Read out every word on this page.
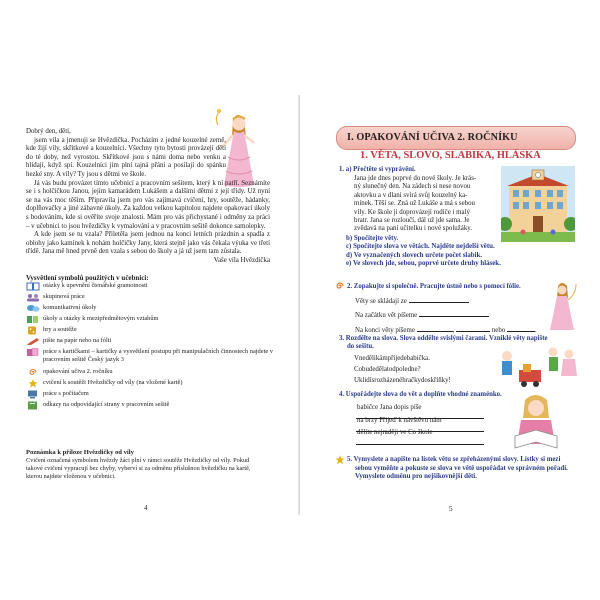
Dobrý den, děti,

jsem víla a jmenuji se Hvězdička. Pocházím z jedné kouzelné země, kde žijí víly, skřítkové a kouzelníci. Všechny tyto bytosti provázejí děti do té doby, než vyrostou. Skřítkové jsou s námi doma nebo venku a hlídají, když spí. Kouzelníci jim plní tajná přání a posílají do spánku hezké sny. A víly? Ty jsou s dětmi ve škole.

Já vás budu provázet tímto učebnicí a pracovním sešitem, který k ní patří. Seznámíte se i s holčičkou Janou, jejím kamarádem Lukášem a dalšími dětmi z její třídy. Už nyní se na vás moc těším. Připravila jsem pro vás zajímavá cvičení, hry, soutěže, hádanky, doplňovačky a jiné zábavné úkoly. Za každou velkou kapitolou najdete opakovací úkoly s bodováním, kde si ověříte svoje znalosti. Mám pro vás přichystané i odměny za práci – v učebnici to jsou hvězdičky k vymalování a v pracovním sešitě dokonce samolepky.

A kde jsem se tu vzala? Přiletěla jsem jednou na konci letních prázdnin a spadla z oblohy jako kamínek k nohám holčičky Jany, která stejně jako vás čekala výuka ve třetí třídě. Jana mě hned prvně den vzala s sebou do školy a já už jsem tam zůstala.

Vaše víla Hvězdička

Vysvětlení symbolů použitých v učebnici:
otázky k upevnění čtenářské gramotnosti
skupinová práce
komunikativní úkoly
úkoly a otázky k mezipředmětovým vztahům
hry a soutěže
pište na papír nebo na fólii
práce s kartičkami – kartičky a vysvětlení postupu při manipulačních činnostech najdete v pracovním sešitě Český jazyk 3
opakování učiva 2. ročníku
cvičení k soutěži Hvězdičky od víly (na vložené kartě)
práce s počítačem
odkazy na odpovídající strany v pracovním sešitě
Poznámka k příloze Hvězdičky od víly
Cvičení označená symbolem hvězdy žáci plní v rámci soutěže Hvězdičky od víly. Pokud takové cvičení vypracují bez chyby, vyberví si za odměnu příslušnou hvězdičku na kartě, kterou najdete vloženou v učebnici.
4
I. OPAKOVÁNÍ UČIVA 2. ROČNÍKU
1. VĚTA, SLOVO, SLABIKA, HLÁSKA
1. a) Přečtěte si vyprávění.
Jana jde dnes poprvé do nové školy. Je krás-
ný slunečný den. Na zádech si nese novou
aktovku a v dlani svírá svůj kouzelný ka-
mínek. Těší se. Zná už Lukáše a má s sebou
víly. Ke škole ji doprovázejí rodiče i malý
bratr. Jana se rozloučí, dál už jde sama. Je
zvědavá na paní učitelku i nové spolužáky.
b) Spočítejte věty.
c) Spočítejte slova ve větách. Najděte nejdelší větu.
d) Ve vyznačených slovech určete počet slabik.
e) Ve slovech jde, sebou, poprvé určete druhy hlásek.
2. Zopakujte si společně. Pracujte ústně nebo s pomocí fólie.
Věty se skládají ze
Na začátku vět píšeme
Na konci věty píšeme	,	nebo	.
3. Rozdělte na slova. Slova oddělte svislými čarami. Vzniklé věty napište
do sešitu.
Vnedělikámpřijedebabička.
Cobudedělatodpoledne?
Uklidísrozházenéhračkydoskříňky!
4. Uspořádejte slova do vět a doplňte vhodné znaménko.
babičce Jana dopis píše
na brzy Přijeď k návštěvu nám
dělíte nejraději ve Co škole
5. Vymyslete a napište na lístek větu se zpřeházenými slovy. Lístky si mezi
sebou vyměňte a pokuste se slova ve větě uspořádat ve správném pořadí.
Vymyslete odměnu pro nejšikovnější děti.
5
